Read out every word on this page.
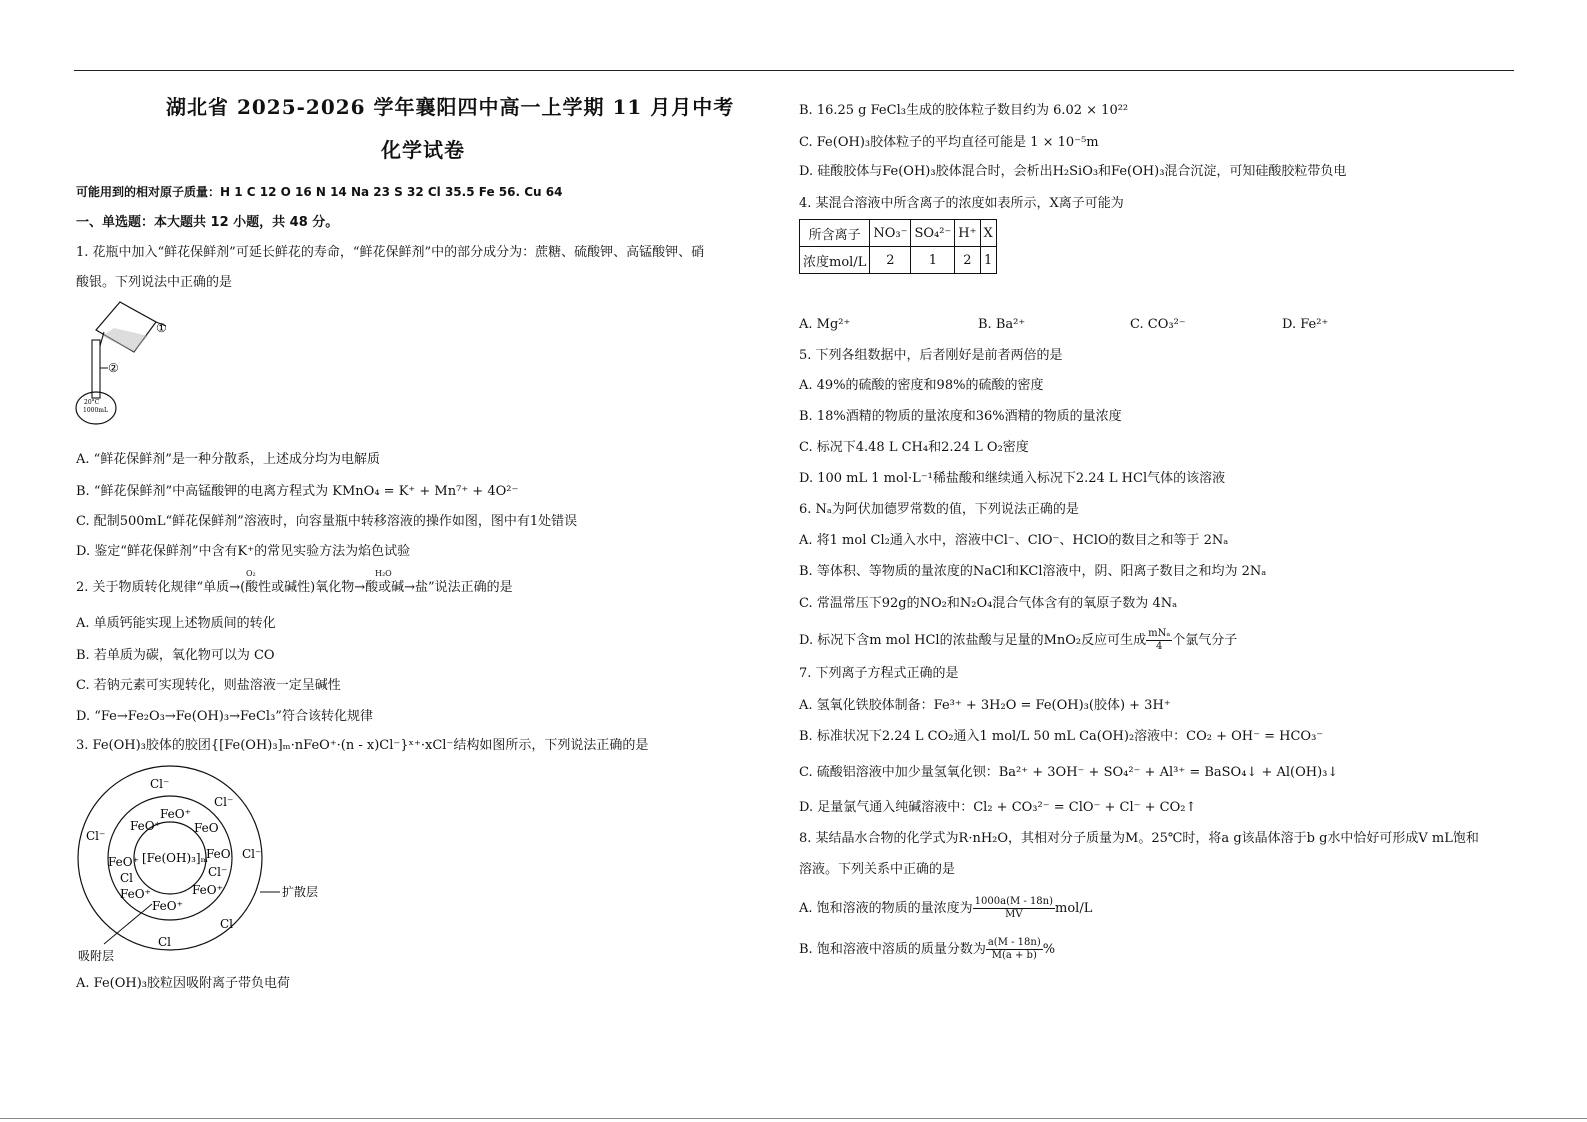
湖北省 2025-2026 学年襄阳四中高一上学期 11 月月中考
化学试卷
可能用到的相对原子质量：H 1 C 12 O 16 N 14 Na 23 S 32 Cl 35.5 Fe 56. Cu 64
一、单选题：本大题共 12 小题，共 48 分。
1. 花瓶中加入“鲜花保鲜剂”可延长鲜花的寿命，“鲜花保鲜剂”中的部分成分为：蔗糖、硫酸钾、高锰酸钾、硝
酸银。下列说法中正确的是
①
②
20°C
1000mL
A. “鲜花保鲜剂”是一种分散系，上述成分均为电解质
B. “鲜花保鲜剂”中高锰酸钾的电离方程式为 KMnO₄ = K⁺ + Mn⁷⁺ + 4O²⁻
C. 配制500mL“鲜花保鲜剂”溶液时，向容量瓶中转移溶液的操作如图，图中有1处错误
D. 鉴定“鲜花保鲜剂”中含有K⁺的常见实验方法为焰色试验
2. 关于物质转化规律“单质→(酸性或碱性)氧化物→酸或碱→盐”说法正确的是
O₂	H₂O
A. 单质钙能实现上述物质间的转化
B. 若单质为碳，氧化物可以为 CO
C. 若钠元素可实现转化，则盐溶液一定呈碱性
D. “Fe→Fe₂O₃→Fe(OH)₃→FeCl₃”符合该转化规律
3. Fe(OH)₃胶体的胶团{[Fe(OH)₃]ₘ·nFeO⁺·(n - x)Cl⁻}ˣ⁺·xCl⁻结构如图所示，下列说法正确的是
[Fe(OH)₃]ₘ
FeO⁺
FeO⁺	FeO
FeO
FeO⁺
Cl⁻
Cl
FeO⁺	FeO⁺
FeO⁺
Cl⁻
Cl⁻
Cl⁻
Cl⁻
Cl
Cl
扩散层
吸附层
A. Fe(OH)₃胶粒因吸附离子带负电荷
B. 16.25 g FeCl₃生成的胶体粒子数目约为 6.02 × 10²²
C. Fe(OH)₃胶体粒子的平均直径可能是 1 × 10⁻⁵m
D. 硅酸胶体与Fe(OH)₃胶体混合时，会析出H₂SiO₃和Fe(OH)₃混合沉淀，可知硅酸胶粒带负电
4. 某混合溶液中所含离子的浓度如表所示，X离子可能为
所含离子	NO₃⁻	SO₄²⁻	H⁺	X
浓度mol/L	2	1	2	1
A. Mg²⁺	B. Ba²⁺	C. CO₃²⁻	D. Fe²⁺
5. 下列各组数据中，后者刚好是前者两倍的是
A. 49%的硫酸的密度和98%的硫酸的密度
B. 18%酒精的物质的量浓度和36%酒精的物质的量浓度
C. 标况下4.48 L CH₄和2.24 L O₂密度
D. 100 mL 1 mol·L⁻¹稀盐酸和继续通入标况下2.24 L HCl气体的该溶液
6. Nₐ为阿伏加德罗常数的值，下列说法正确的是
A. 将1 mol Cl₂通入水中，溶液中Cl⁻、ClO⁻、HClO的数目之和等于 2Nₐ
B. 等体积、等物质的量浓度的NaCl和KCl溶液中，阴、阳离子数目之和均为 2Nₐ
C. 常温常压下92g的NO₂和N₂O₄混合气体含有的氧原子数为 4Nₐ
D. 标况下含m mol HCl的浓盐酸与足量的MnO₂反应可生成 $\frac{\text{mNₐ}}{4}$ 个氯气分子
7. 下列离子方程式正确的是
A. 氢氧化铁胶体制备：Fe³⁺ + 3H₂O = Fe(OH)₃(胶体) + 3H⁺
B. 标准状况下2.24 L CO₂通入1 mol/L 50 mL Ca(OH)₂溶液中：CO₂ + OH⁻ = HCO₃⁻
C. 硫酸铝溶液中加少量氢氧化钡：Ba²⁺ + 3OH⁻ + SO₄²⁻ + Al³⁺ = BaSO₄↓ + Al(OH)₃↓
D. 足量氯气通入纯碱溶液中：Cl₂ + CO₃²⁻ = ClO⁻ + Cl⁻ + CO₂↑
8. 某结晶水合物的化学式为R·nH₂O，其相对分子质量为M。25℃时，将a g该晶体溶于b g水中恰好可形成V mL饱和
溶液。下列关系中正确的是
A. 饱和溶液的物质的量浓度为 $\frac{1000a(M - 18n)}{MV} mol/L$
B. 饱和溶液中溶质的质量分数为 $\frac{a(M - 18n)}{M(a + b)}$ %
